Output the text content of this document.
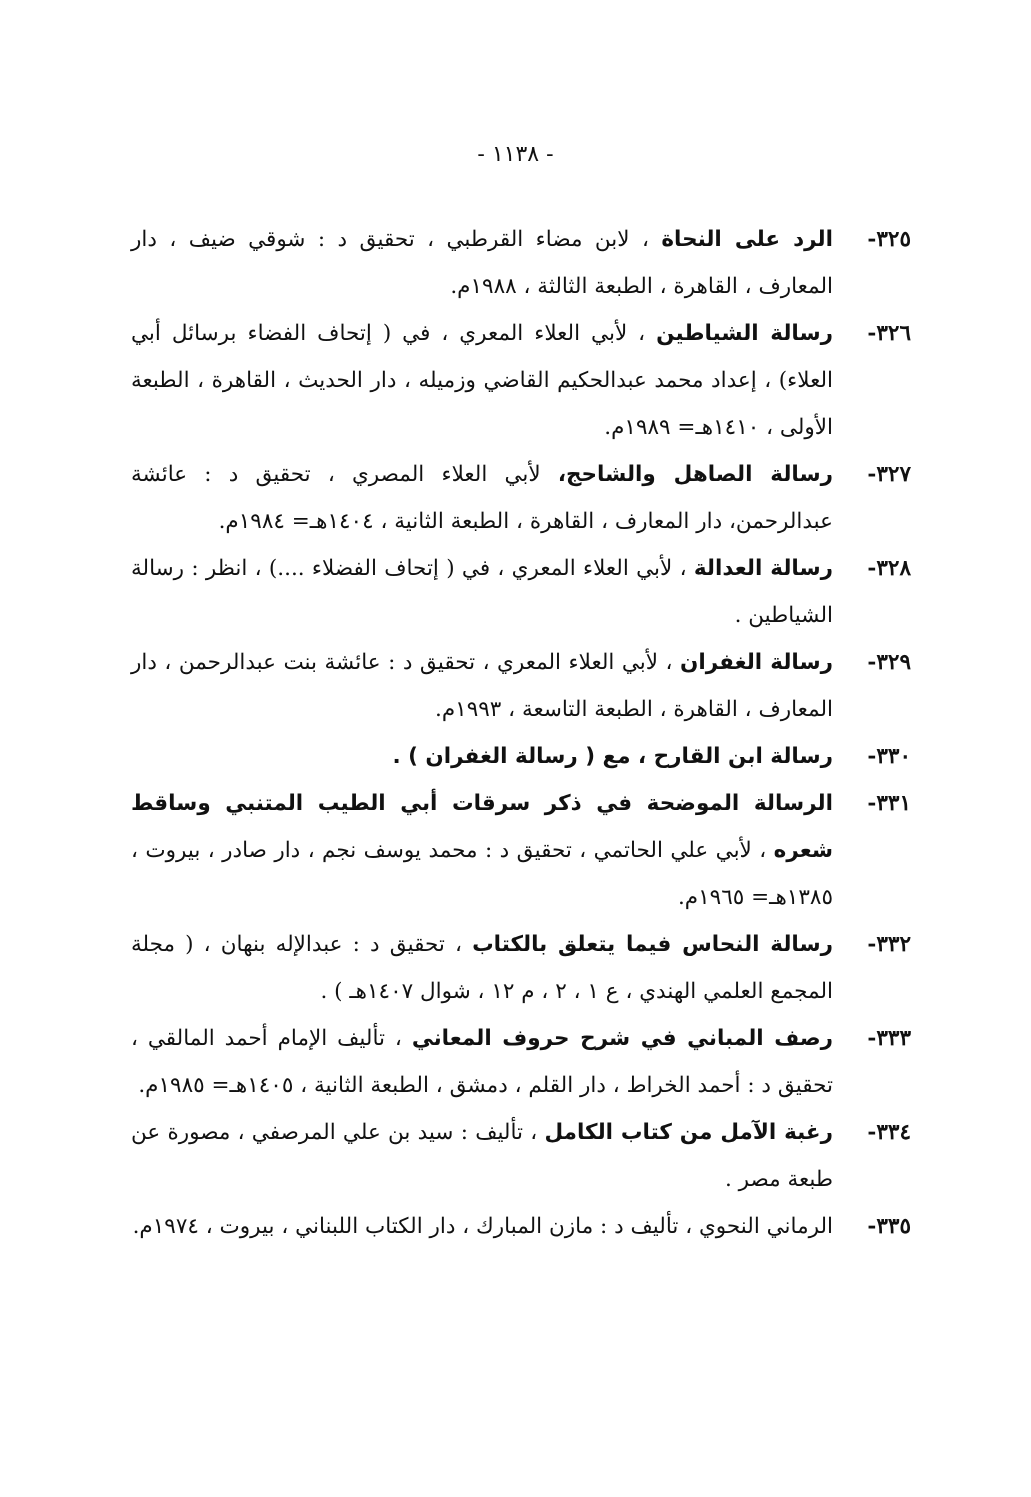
- ١١٣٨ -
٣٢٥-
الرد على النحاة ، لابن مضاء القرطبي ، تحقيق د : شوقي ضيف ، دار المعارف ، القاهرة ، الطبعة الثالثة ، ١٩٨٨م.
٣٢٦-
رسالة الشياطين ، لأبي العلاء المعري ، في ( إتحاف الفضاء برسائل أبي العلاء) ، إعداد محمد عبدالحكيم القاضي وزميله ، دار الحديث ، القاهرة ، الطبعة الأولى ، ١٤١٠هـ= ١٩٨٩م.
٣٢٧-
رسالة الصاهل والشاحج، لأبي العلاء المصري ، تحقيق د : عائشة عبدالرحمن، دار المعارف ، القاهرة ، الطبعة الثانية ، ١٤٠٤هـ= ١٩٨٤م.
٣٢٨-
رسالة العدالة ، لأبي العلاء المعري ، في ( إتحاف الفضلاء ....) ، انظر : رسالة الشياطين .
٣٢٩-
رسالة الغفران ، لأبي العلاء المعري ، تحقيق د : عائشة بنت عبدالرحمن ، دار المعارف ، القاهرة ، الطبعة التاسعة ، ١٩٩٣م.
٣٣٠-
رسالة ابن القارح ، مع ( رسالة الغفران ) .
٣٣١-
الرسالة الموضحة في ذكر سرقات أبي الطيب المتنبي وساقط شعره ، لأبي علي الحاتمي ، تحقيق د : محمد يوسف نجم ، دار صادر ، بيروت ، ١٣٨٥هـ= ١٩٦٥م.
٣٣٢-
رسالة النحاس فيما يتعلق بالكتاب ، تحقيق د : عبدالإله بنهان ، ( مجلة المجمع العلمي الهندي ، ع ١ ، ٢ ، م ١٢ ، شوال ١٤٠٧هـ ) .
٣٣٣-
رصف المباني في شرح حروف المعاني ، تأليف الإمام أحمد المالقي ، تحقيق د : أحمد الخراط ، دار القلم ، دمشق ، الطبعة الثانية ، ١٤٠٥هـ= ١٩٨٥م.
٣٣٤-
رغبة الآمل من كتاب الكامل ، تأليف : سيد بن علي المرصفي ، مصورة عن طبعة مصر .
٣٣٥-
الرماني النحوي ، تأليف د : مازن المبارك ، دار الكتاب اللبناني ، بيروت ، ١٩٧٤م.
